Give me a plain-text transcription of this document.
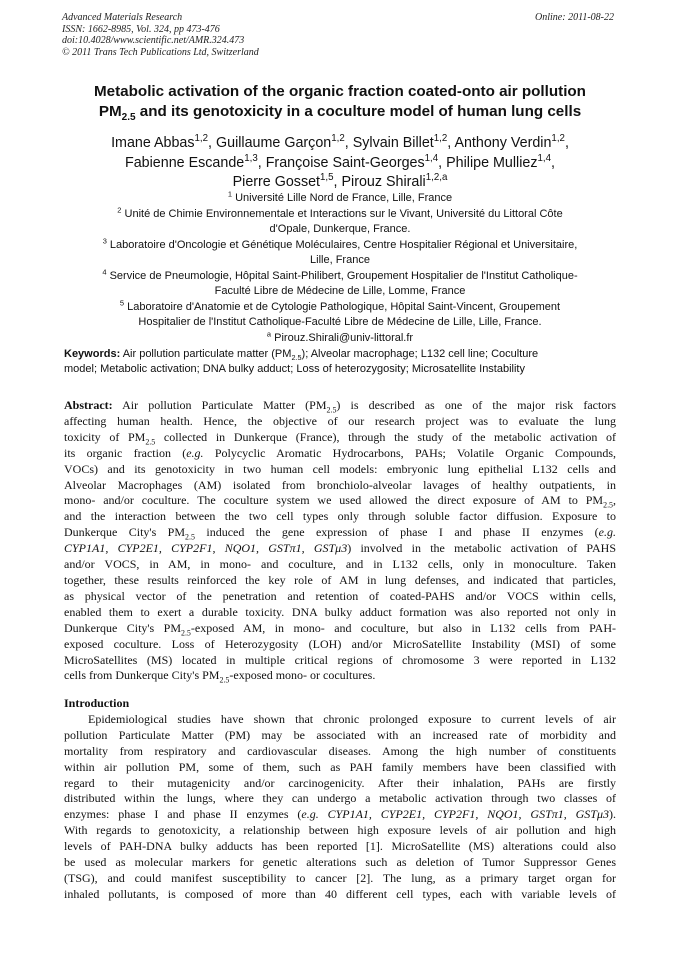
Advanced Materials Research
ISSN: 1662-8985, Vol. 324, pp 473-476
doi:10.4028/www.scientific.net/AMR.324.473
© 2011 Trans Tech Publications Ltd, Switzerland
Online: 2011-08-22
Metabolic activation of the organic fraction coated-onto air pollution
$PM_{2.5}$ and its genotoxicity in a coculture model of human lung cells
Imane Abbas$^{1,2}$, Guillaume Garçon$^{1,2}$, Sylvain Billet$^{1,2}$, Anthony Verdin$^{1,2}$,
Fabienne Escande$^{1,3}$, Françoise Saint-Georges$^{1,4}$, Philipe Mulliez$^{1,4}$,
Pierre Gosset$^{1,5}$, Pirouz Shirali$^{1,2,a}$
$^1$ Université Lille Nord de France, Lille, France
$^2$ Unité de Chimie Environnementale et Interactions sur le Vivant, Université du Littoral Côte
d'Opale, Dunkerque, France.
$^3$ Laboratoire d'Oncologie et Génétique Moléculaires, Centre Hospitalier Régional et Universitaire,
Lille, France
$^4$ Service de Pneumologie, Hôpital Saint-Philibert, Groupement Hospitalier de l'Institut Catholique-
Faculté Libre de Médecine de Lille, Lomme, France
$^5$ Laboratoire d'Anatomie et de Cytologie Pathologique, Hôpital Saint-Vincent, Groupement
Hospitalier de l'Institut Catholique-Faculté Libre de Médecine de Lille, Lille, France.
$^a$ Pirouz.Shirali@univ-littoral.fr
Keywords: Air pollution particulate matter $(PM_{2.5})$; Alveolar macrophage; L132 cell line; Coculture
model; Metabolic activation; DNA bulky adduct; Loss of heterozygosity; Microsatellite Instability
Abstract: Air pollution Particulate Matter $(PM_{2.5})$ is described as one of the major risk factors
affecting human health. Hence, the objective of our research project was to evaluate the lung
toxicity of $PM_{2.5}$ collected in Dunkerque (France), through the study of the metabolic activation of
its organic fraction (e.g. Polycyclic Aromatic Hydrocarbons, PAHs; Volatile Organic Compounds,
VOCs) and its genotoxicity in two human cell models: embryonic lung epithelial L132 cells and
Alveolar Macrophages (AM) isolated from bronchiolo-alveolar lavages of healthy outpatients, in
mono- and/or coculture. The coculture system we used allowed the direct exposure of AM to $PM_{2.5}$,
and the interaction between the two cell types only through soluble factor diffusion. Exposure to
Dunkerque City's $PM_{2.5}$ induced the gene expression of phase I and phase II enzymes (e.g.
CYP1A1, CYP2E1, CYP2F1, NQO1, GSTπ1, GSTμ3) involved in the metabolic activation of PAHS
and/or VOCS, in AM, in mono- and coculture, and in L132 cells, only in monoculture. Taken
together, these results reinforced the key role of AM in lung defenses, and indicated that particles,
as physical vector of the penetration and retention of coated-PAHS and/or VOCS within cells,
enabled them to exert a durable toxicity. DNA bulky adduct formation was also reported not only in
Dunkerque City's $PM_{2.5}$-exposed AM, in mono- and coculture, but also in L132 cells from PAH-
exposed coculture. Loss of Heterozygosity (LOH) and/or MicroSatellite Instability (MSI) of some
MicroSatellites (MS) located in multiple critical regions of chromosome 3 were reported in L132
cells from Dunkerque City's $PM_{2.5}$-exposed mono- or cocultures.
Introduction
Epidemiological studies have shown that chronic prolonged exposure to current levels of air
pollution Particulate Matter (PM) may be associated with an increased rate of morbidity and
mortality from respiratory and cardiovascular diseases. Among the high number of constituents
within air pollution PM, some of them, such as PAH family members have been classified with
regard to their mutagenicity and/or carcinogenicity. After their inhalation, PAHs are firstly
distributed within the lungs, where they can undergo a metabolic activation through two classes of
enzymes: phase I and phase II enzymes (e.g. CYP1A1, CYP2E1, CYP2F1, NQO1, GSTπ1, GSTμ3).
With regards to genotoxicity, a relationship between high exposure levels of air pollution and high
levels of PAH-DNA bulky adducts has been reported [1]. MicroSatellite (MS) alterations could also
be used as molecular markers for genetic alterations such as deletion of Tumor Suppressor Genes
(TSG), and could manifest susceptibility to cancer [2]. The lung, as a primary target organ for
inhaled pollutants, is composed of more than 40 different cell types, each with variable levels of
